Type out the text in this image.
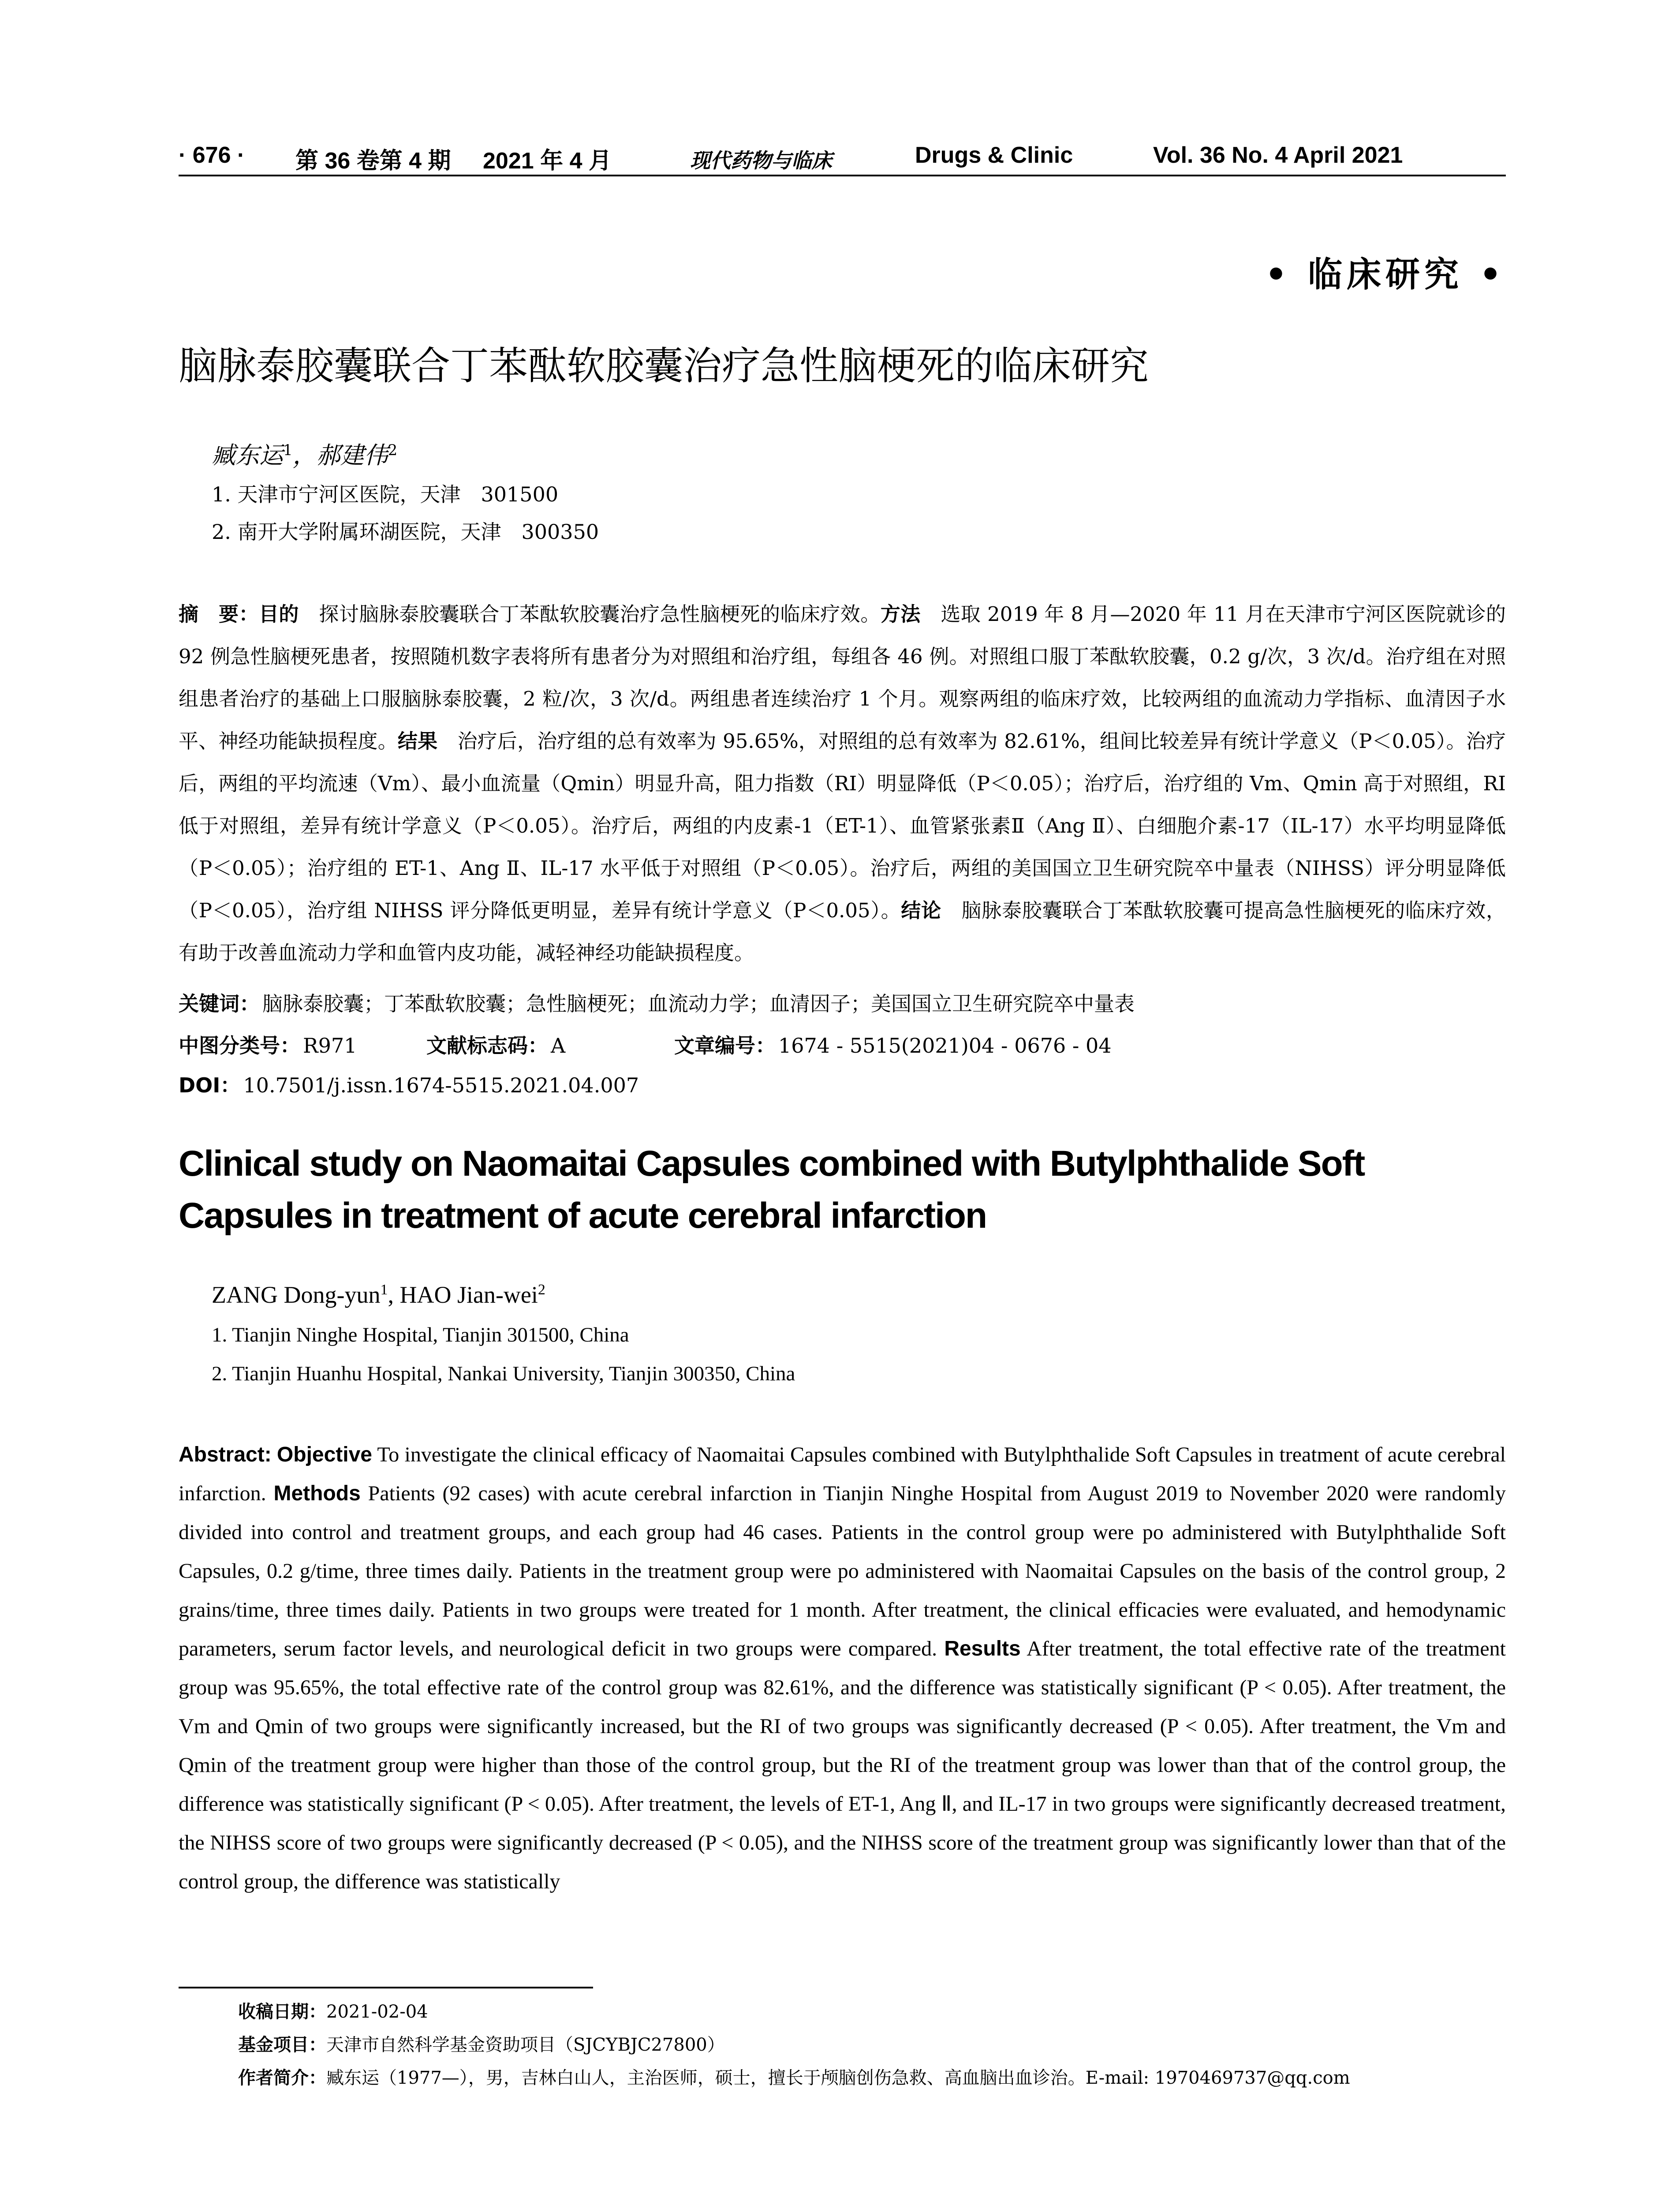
· 676 · 第 36 卷第 4 期 2021 年 4 月	现代药物与临床	Drugs & Clinic	Vol. 36 No. 4 April 2021
• 临床研究 •
脑脉泰胶囊联合丁苯酞软胶囊治疗急性脑梗死的临床研究
臧东运$^1$，郝建伟$^2$
1. 天津市宁河区医院，天津　301500
2. 南开大学附属环湖医院，天津　300350
摘　要：目的　探讨脑脉泰胶囊联合丁苯酞软胶囊治疗急性脑梗死的临床疗效。方法　选取 2019 年 8 月—2020 年 11 月在天津市宁河区医院就诊的 92 例急性脑梗死患者，按照随机数字表将所有患者分为对照组和治疗组，每组各 46 例。对照组口服丁苯酞软胶囊，0.2 g/次，3 次/d。治疗组在对照组患者治疗的基础上口服脑脉泰胶囊，2 粒/次，3 次/d。两组患者连续治疗 1 个月。观察两组的临床疗效，比较两组的血流动力学指标、血清因子水平、神经功能缺损程度。结果　治疗后，治疗组的总有效率为 95.65%，对照组的总有效率为 82.61%，组间比较差异有统计学意义（P＜0.05）。治疗后，两组的平均流速（Vm）、最小血流量（Qmin）明显升高，阻力指数（RI）明显降低（P＜0.05）；治疗后，治疗组的 Vm、Qmin 高于对照组，RI 低于对照组，差异有统计学意义（P＜0.05）。治疗后，两组的内皮素-1（ET-1）、血管紧张素Ⅱ（Ang Ⅱ）、白细胞介素-17（IL-17）水平均明显降低（P＜0.05）；治疗组的 ET-1、Ang Ⅱ、IL-17 水平低于对照组（P＜0.05）。治疗后，两组的美国国立卫生研究院卒中量表（NIHSS）评分明显降低（P＜0.05），治疗组 NIHSS 评分降低更明显，差异有统计学意义（P＜0.05）。结论　脑脉泰胶囊联合丁苯酞软胶囊可提高急性脑梗死的临床疗效，有助于改善血流动力学和血管内皮功能，减轻神经功能缺损程度。
关键词： 脑脉泰胶囊；丁苯酞软胶囊；急性脑梗死；血流动力学；血清因子；美国国立卫生研究院卒中量表
中图分类号： R971	文献标志码： A	文章编号： 1674 - 5515(2021)04 - 0676 - 04
DOI： 10.7501/j.issn.1674-5515.2021.04.007
Clinical study on Naomaitai Capsules combined with Butylphthalide Soft Capsules in treatment of acute cerebral infarction
ZANG Dong-yun$^1$, HAO Jian-wei$^2$
1. Tianjin Ninghe Hospital, Tianjin 301500, China
2. Tianjin Huanhu Hospital, Nankai University, Tianjin 300350, China
Abstract: Objective To investigate the clinical efficacy of Naomaitai Capsules combined with Butylphthalide Soft Capsules in treatment of acute cerebral infarction. Methods Patients (92 cases) with acute cerebral infarction in Tianjin Ninghe Hospital from August 2019 to November 2020 were randomly divided into control and treatment groups, and each group had 46 cases. Patients in the control group were po administered with Butylphthalide Soft Capsules, 0.2 g/time, three times daily. Patients in the treatment group were po administered with Naomaitai Capsules on the basis of the control group, 2 grains/time, three times daily. Patients in two groups were treated for 1 month. After treatment, the clinical efficacies were evaluated, and hemodynamic parameters, serum factor levels, and neurological deficit in two groups were compared. Results After treatment, the total effective rate of the treatment group was 95.65%, the total effective rate of the control group was 82.61%, and the difference was statistically significant (P < 0.05). After treatment, the Vm and Qmin of two groups were significantly increased, but the RI of two groups was significantly decreased (P < 0.05). After treatment, the Vm and Qmin of the treatment group were higher than those of the control group, but the RI of the treatment group was lower than that of the control group, the difference was statistically significant (P < 0.05). After treatment, the levels of ET-1, Ang Ⅱ, and IL-17 in two groups were significantly decreased treatment, the NIHSS score of two groups were significantly decreased (P < 0.05), and the NIHSS score of the treatment group was significantly lower than that of the control group, the difference was statistically
收稿日期：2021-02-04
基金项目：天津市自然科学基金资助项目（SJCYBJC27800）
作者简介：臧东运（1977—），男，吉林白山人，主治医师，硕士，擅长于颅脑创伤急救、高血脑出血诊治。E-mail: 1970469737@qq.com
